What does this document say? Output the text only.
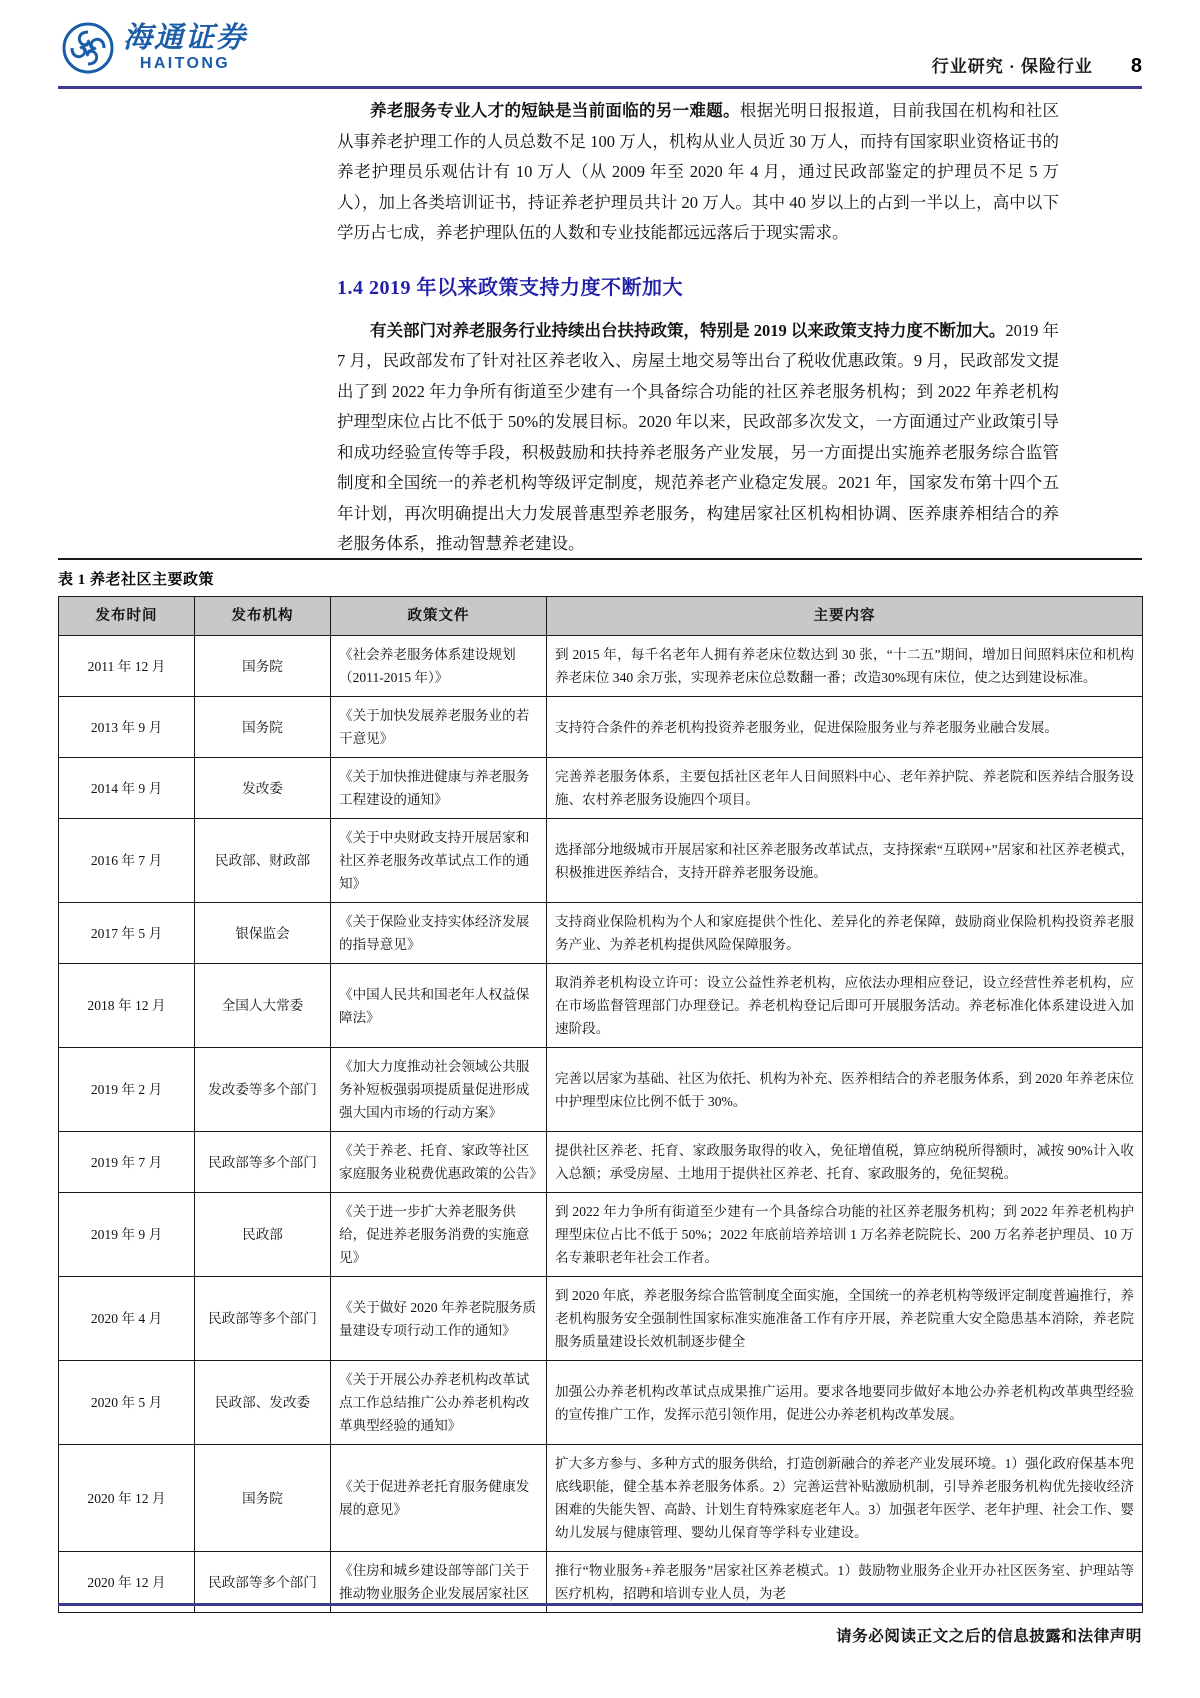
海通证券
HAITONG	行业研究 · 保险行业 8

养老服务专业人才的短缺是当前面临的另一难题。根据光明日报报道，目前我国在机构和社区从事养老护理工作的人员总数不足 100 万人，机构从业人员近 30 万人，而持有国家职业资格证书的养老护理员乐观估计有 10 万人（从 2009 年至 2020 年 4 月，通过民政部鉴定的护理员不足 5 万人），加上各类培训证书，持证养老护理员共计 20 万人。其中 40 岁以上的占到一半以上，高中以下学历占七成，养老护理队伍的人数和专业技能都远远落后于现实需求。

1.4 2019 年以来政策支持力度不断加大

有关部门对养老服务行业持续出台扶持政策，特别是 2019 以来政策支持力度不断加大。2019 年 7 月，民政部发布了针对社区养老收入、房屋土地交易等出台了税收优惠政策。9 月，民政部发文提出了到 2022 年力争所有街道至少建有一个具备综合功能的社区养老服务机构；到 2022 年养老机构护理型床位占比不低于 50%的发展目标。2020 年以来，民政部多次发文，一方面通过产业政策引导和成功经验宣传等手段，积极鼓励和扶持养老服务产业发展，另一方面提出实施养老服务综合监管制度和全国统一的养老机构等级评定制度，规范养老产业稳定发展。2021 年，国家发布第十四个五年计划，再次明确提出大力发展普惠型养老服务，构建居家社区机构相协调、医养康养相结合的养老服务体系，推动智慧养老建设。

表 1 养老社区主要政策
发布时间	发布机构	政策文件	主要内容
2011 年 12 月	国务院	《社会养老服务体系建设规划（2011-2015 年）》	到 2015 年，每千名老年人拥有养老床位数达到 30 张，“十二五”期间，增加日间照料床位和机构养老床位 340 余万张，实现养老床位总数翻一番；改造30%现有床位，使之达到建设标准。
2013 年 9 月	国务院	《关于加快发展养老服务业的若干意见》	支持符合条件的养老机构投资养老服务业，促进保险服务业与养老服务业融合发展。
2014 年 9 月	发改委	《关于加快推进健康与养老服务工程建设的通知》	完善养老服务体系，主要包括社区老年人日间照料中心、老年养护院、养老院和医养结合服务设施、农村养老服务设施四个项目。
2016 年 7 月	民政部、财政部	《关于中央财政支持开展居家和社区养老服务改革试点工作的通知》	选择部分地级城市开展居家和社区养老服务改革试点，支持探索“互联网+”居家和社区养老模式，积极推进医养结合，支持开辟养老服务设施。
2017 年 5 月	银保监会	《关于保险业支持实体经济发展的指导意见》	支持商业保险机构为个人和家庭提供个性化、差异化的养老保障，鼓励商业保险机构投资养老服务产业、为养老机构提供风险保障服务。
2018 年 12 月	全国人大常委	《中国人民共和国老年人权益保障法》	取消养老机构设立许可：设立公益性养老机构，应依法办理相应登记，设立经营性养老机构，应在市场监督管理部门办理登记。养老机构登记后即可开展服务活动。养老标准化体系建设进入加速阶段。
2019 年 2 月	发改委等多个部门	《加大力度推动社会领域公共服务补短板强弱项提质量促进形成强大国内市场的行动方案》	完善以居家为基础、社区为依托、机构为补充、医养相结合的养老服务体系，到 2020 年养老床位中护理型床位比例不低于 30%。
2019 年 7 月	民政部等多个部门	《关于养老、托育、家政等社区家庭服务业税费优惠政策的公告》	提供社区养老、托育、家政服务取得的收入，免征增值税，算应纳税所得额时，减按 90%计入收入总额；承受房屋、土地用于提供社区养老、托育、家政服务的，免征契税。
2019 年 9 月	民政部	《关于进一步扩大养老服务供给，促进养老服务消费的实施意见》	到 2022 年力争所有街道至少建有一个具备综合功能的社区养老服务机构；到 2022 年养老机构护理型床位占比不低于 50%；2022 年底前培养培训 1 万名养老院院长、200 万名养老护理员、10 万名专兼职老年社会工作者。
2020 年 4 月	民政部等多个部门	《关于做好 2020 年养老院服务质量建设专项行动工作的通知》	到 2020 年底，养老服务综合监管制度全面实施，全国统一的养老机构等级评定制度普遍推行，养老机构服务安全强制性国家标准实施准备工作有序开展，养老院重大安全隐患基本消除，养老院服务质量建设长效机制逐步健全
2020 年 5 月	民政部、发改委	《关于开展公办养老机构改革试点工作总结推广公办养老机构改革典型经验的通知》	加强公办养老机构改革试点成果推广运用。要求各地要同步做好本地公办养老机构改革典型经验的宣传推广工作，发挥示范引领作用，促进公办养老机构改革发展。
2020 年 12 月	国务院	《关于促进养老托育服务健康发展的意见》	扩大多方参与、多种方式的服务供给，打造创新融合的养老产业发展环境。1）强化政府保基本兜底线职能，健全基本养老服务体系。2）完善运营补贴激励机制，引导养老服务机构优先接收经济困难的失能失智、高龄、计划生育特殊家庭老年人。3）加强老年医学、老年护理、社会工作、婴幼儿发展与健康管理、婴幼儿保育等学科专业建设。
2020 年 12 月	民政部等多个部门	《住房和城乡建设部等部门关于推动物业服务企业发展居家社区	推行“物业服务+养老服务”居家社区养老模式。1）鼓励物业服务企业开办社区医务室、护理站等医疗机构，招聘和培训专业人员，为老
请务必阅读正文之后的信息披露和法律声明
